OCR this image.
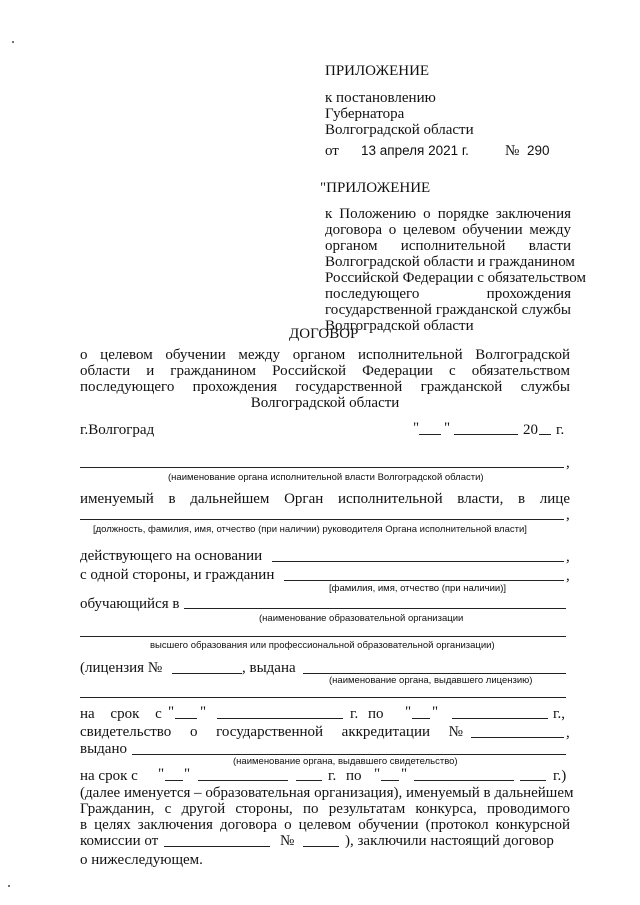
ПРИЛОЖЕНИЕ
к постановлению
Губернатора
Волгоградской области
от 13 апреля 2021 г. № 290
"ПРИЛОЖЕНИЕ
к Положению о порядке заключения
договора о целевом обучении между
органом исполнительной власти
Волгоградской области и гражданином
Российской Федерации с обязательством
последующего прохождения
государственной гражданской службы
Волгоградской области
ДОГОВОР
о целевом обучении между органом исполнительной Волгоградской
области и гражданином Российской Федерации с обязательством
последующего прохождения государственной гражданской службы
Волгоградской области
г.Волгоград	" "	20 г.
,
(наименование органа исполнительной власти Волгоградской области)
именуемый в дальнейшем Орган исполнительной власти, в лице
,
[должность, фамилия, имя, отчество (при наличии) руководителя Органа исполнительной власти]
действующего на основании	,
с одной стороны, и гражданин	,
[фамилия, имя, отчество (при наличии)]
обучающийся в
(наименование образовательной организации
высшего образования или профессиональной образовательной организации)
(лицензия №	, выдана
(наименование органа, выдавшего лицензию)
на срок с " "	г. по " "	г.,
свидетельство о государственной аккредитации №	,
выдано
(наименование органа, выдавшего свидетельство)
на срок с " "	г. по " "	г.)
(далее именуется – образовательная организация), именуемый в дальнейшем
Гражданин, с другой стороны, по результатам конкурса, проводимого
в целях заключения договора о целевом обучении (протокол конкурсной
комиссии от	№	), заключили настоящий договор
о нижеследующем.
